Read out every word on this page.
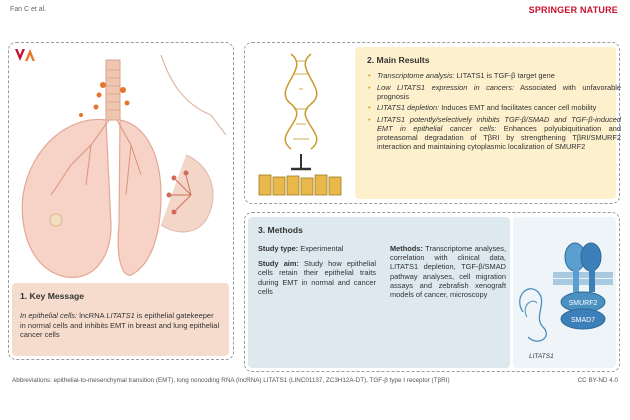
Fan C et al.	SPRINGER NATURE
1. Key Message
In epithelial cells: lncRNA LITATS1 is epithelial gatekeeper in normal cells and inhibits EMT in breast and lung epithelial cancer cells
2. Main Results
• Transcriptome analysis: LITATS1 is TGF-β target gene
• Low LITATS1 expression in cancers: Associated with unfavorable prognosis
• LITATS1 depletion: Induces EMT and facilitates cancer cell mobility
• LITATS1 potently/selectively inhibits TGF-β/SMAD and TGF-β-induced EMT in epithelial cancer cells: Enhances polyubiquitination and proteasomal degradation of TβRI by strengthening TβRI/SMURF2 interaction and maintaining cytoplasmic localization of SMURF2
3. Methods
Study type: Experimental
Study aim: Study how epithelial cells retain their epithelial traits during EMT in normal and cancer cells
Methods: Transcriptome analyses, correlation with clinical data, LITATS1 depletion, TGF-β/SMAD pathway analyses, cell migration assays and zebrafish xenograft models of cancer, microscopy
SMURF2
SMAD7
LITATS1
Abbreviations: epithelial-to-mesenchymal transition (EMT), long noncoding RNA (lncRNA) LITATS1 (LINC01137, ZC3H12A-DT), TGF-β type I receptor (TβRI)	CC BY-ND 4.0
